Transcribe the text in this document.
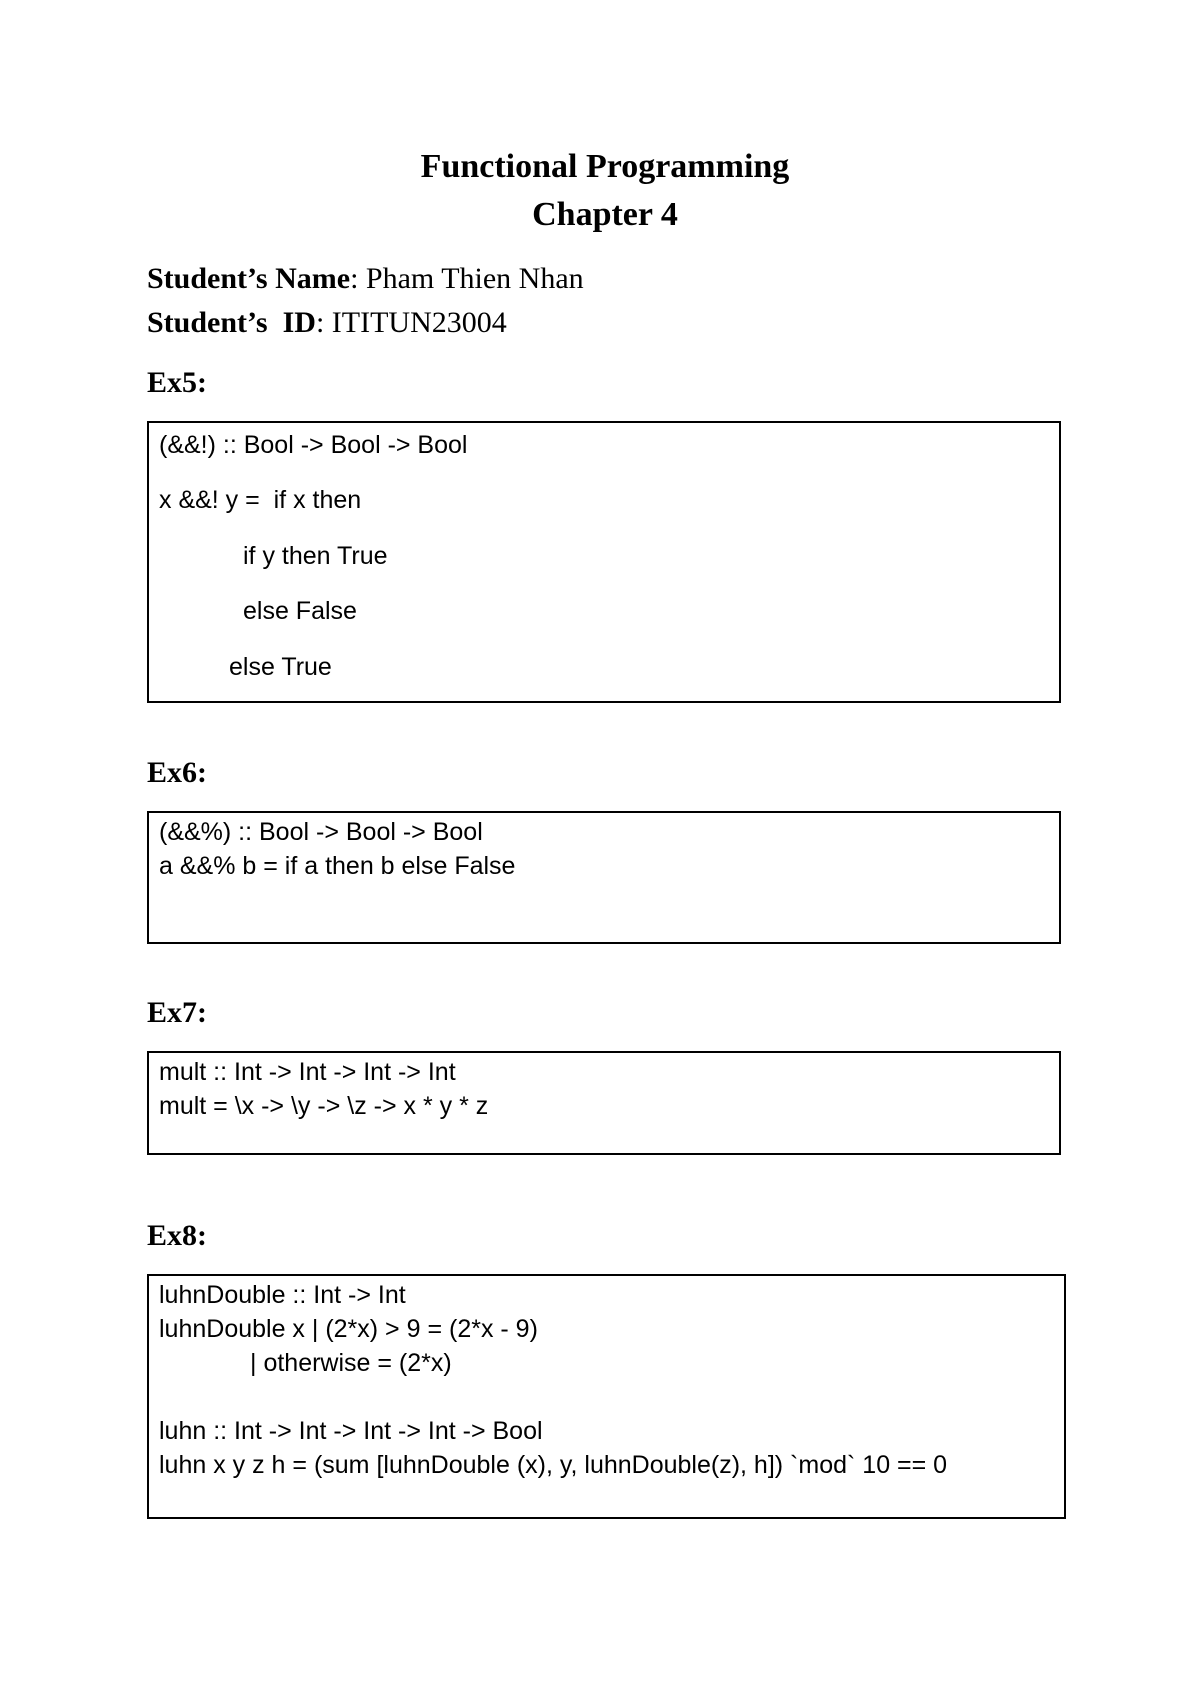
Functional Programming
Chapter 4

Student’s Name: Pham Thien Nhan

Student’s  ID: ITITUN23004

Ex5:

(&&!) :: Bool -> Bool -> Bool
x &&! y =  if x then
if y then True
else False
else True

Ex6:

(&&%) :: Bool -> Bool -> Bool
a &&% b = if a then b else False

Ex7:

mult :: Int -> Int -> Int -> Int
mult = \x -> \y -> \z -> x * y * z

Ex8:

luhnDouble :: Int -> Int
luhnDouble x | (2*x) > 9 = (2*x - 9)
| otherwise = (2*x)
luhn :: Int -> Int -> Int -> Int -> Bool
luhn x y z h = (sum [luhnDouble (x), y, luhnDouble(z), h]) `mod` 10 == 0
